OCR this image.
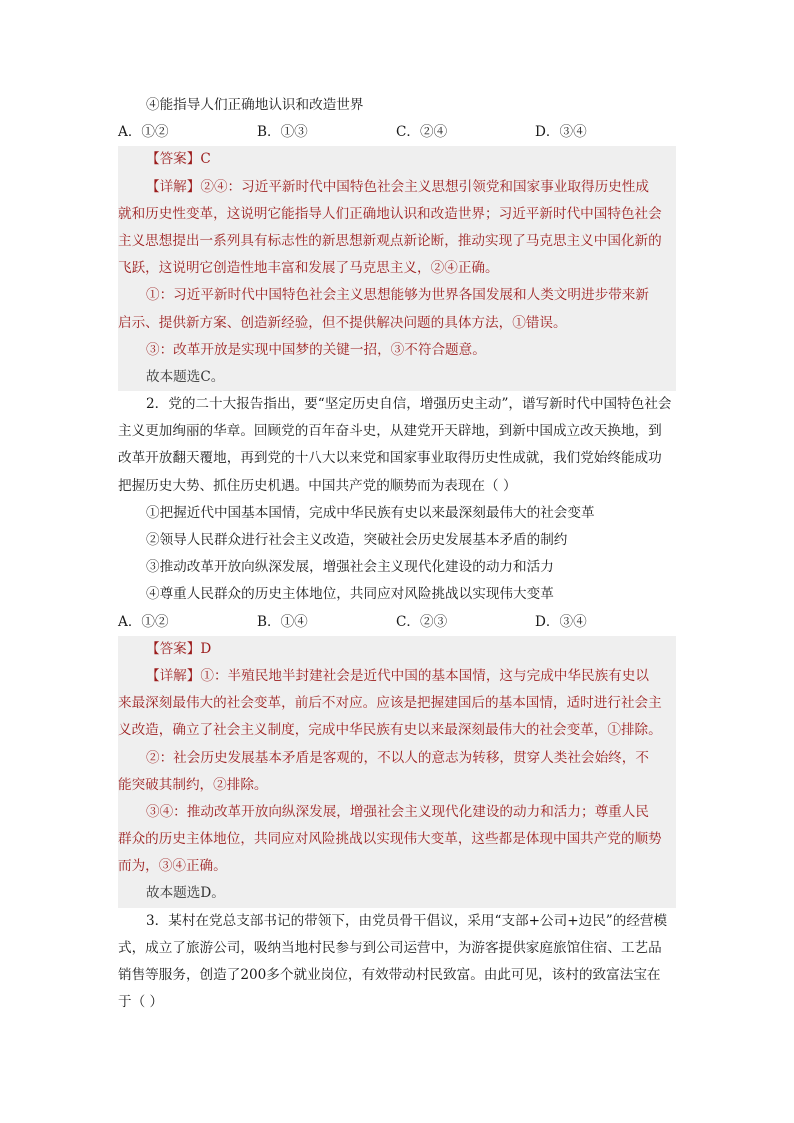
④能指导人们正确地认识和改造世界
A．①②	B．①③	C．②④	D．③④
【答案】C
【详解】②④：习近平新时代中国特色社会主义思想引领党和国家事业取得历史性成
就和历史性变革，这说明它能指导人们正确地认识和改造世界；习近平新时代中国特色社会
主义思想提出一系列具有标志性的新思想新观点新论断，推动实现了马克思主义中国化新的
飞跃，这说明它创造性地丰富和发展了马克思主义，②④正确。
①：习近平新时代中国特色社会主义思想能够为世界各国发展和人类文明进步带来新
启示、提供新方案、创造新经验，但不提供解决问题的具体方法，①错误。
③：改革开放是实现中国梦的关键一招，③不符合题意。
故本题选C。
2．党的二十大报告指出，要“坚定历史自信，增强历史主动”，谱写新时代中国特色社会
主义更加绚丽的华章。回顾党的百年奋斗史，从建党开天辟地，到新中国成立改天换地，到
改革开放翻天覆地，再到党的十八大以来党和国家事业取得历史性成就，我们党始终能成功
把握历史大势、抓住历史机遇。中国共产党的顺势而为表现在（ ）
①把握近代中国基本国情，完成中华民族有史以来最深刻最伟大的社会变革
②领导人民群众进行社会主义改造，突破社会历史发展基本矛盾的制约
③推动改革开放向纵深发展，增强社会主义现代化建设的动力和活力
④尊重人民群众的历史主体地位，共同应对风险挑战以实现伟大变革
A．①②	B．①④	C．②③	D．③④
【答案】D
【详解】①：半殖民地半封建社会是近代中国的基本国情，这与完成中华民族有史以
来最深刻最伟大的社会变革，前后不对应。应该是把握建国后的基本国情，适时进行社会主
义改造，确立了社会主义制度，完成中华民族有史以来最深刻最伟大的社会变革，①排除。
②：社会历史发展基本矛盾是客观的，不以人的意志为转移，贯穿人类社会始终，不
能突破其制约，②排除。
③④：推动改革开放向纵深发展，增强社会主义现代化建设的动力和活力；尊重人民
群众的历史主体地位，共同应对风险挑战以实现伟大变革，这些都是体现中国共产党的顺势
而为，③④正确。
故本题选D。
3．某村在党总支部书记的带领下，由党员骨干倡议，采用“支部+公司+边民”的经营模
式，成立了旅游公司，吸纳当地村民参与到公司运营中，为游客提供家庭旅馆住宿、工艺品
销售等服务，创造了200多个就业岗位，有效带动村民致富。由此可见，该村的致富法宝在
于（ ）
